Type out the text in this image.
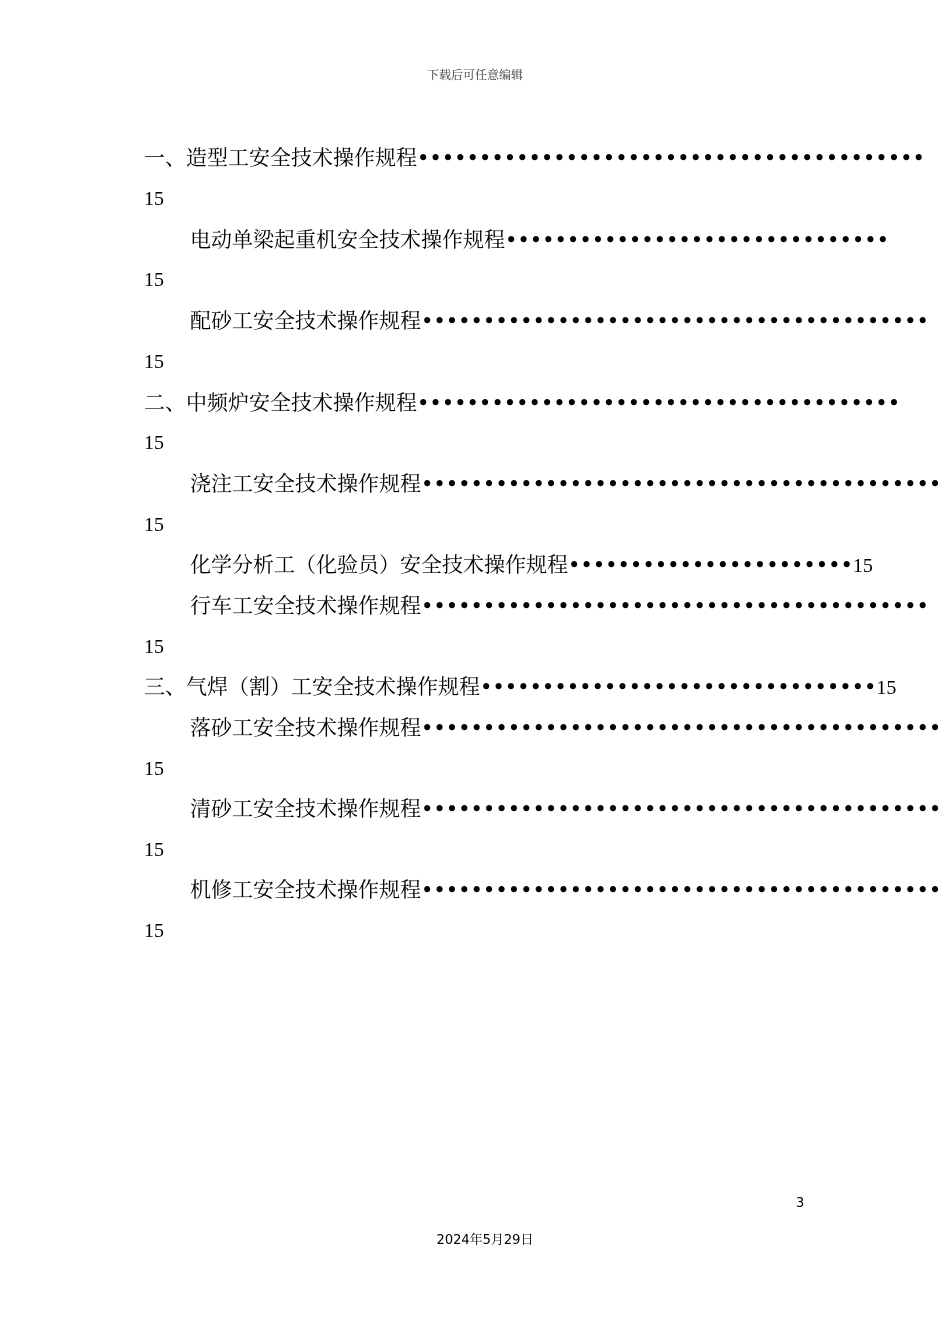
下载后可任意编辑
一、造型工安全技术操作规程•••••••••••••••••••••••••••••••••••••••••
15
电动单梁起重机安全技术操作规程•••••••••••••••••••••••••••••••
15
配砂工安全技术操作规程•••••••••••••••••••••••••••••••••••••••••
15
二、中频炉安全技术操作规程•••••••••••••••••••••••••••••••••••••••
15
浇注工安全技术操作规程••••••••••••••••••••••••••••••••••••••••••
15
化学分析工（化验员）安全技术操作规程•••••••••••••••••••••••15
行车工安全技术操作规程•••••••••••••••••••••••••••••••••••••••••
15
三、气焊（割）工安全技术操作规程••••••••••••••••••••••••••••••••15
落砂工安全技术操作规程••••••••••••••••••••••••••••••••••••••••••
15
清砂工安全技术操作规程••••••••••••••••••••••••••••••••••••••••••
15
机修工安全技术操作规程••••••••••••••••••••••••••••••••••••••••••
15
3
2024年5月29日
